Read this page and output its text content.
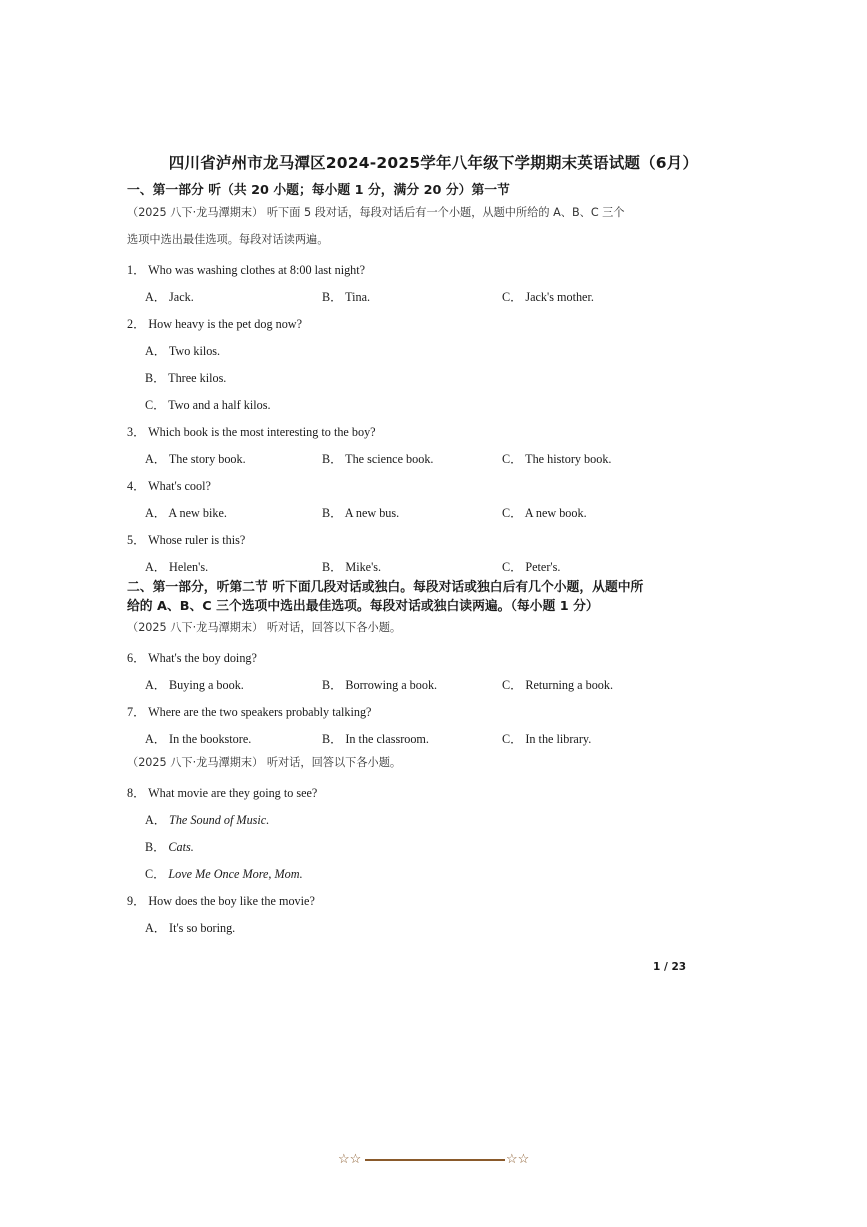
四川省泸州市龙马潭区2024-2025学年八年级下学期期末英语试题（6月）
一、第一部分 听（共 20 小题；每小题 1 分，满分 20 分）第一节
（2025 八下·龙马潭期末） 听下面 5 段对话，每段对话后有一个小题，从题中所给的 A、B、C 三个
选项中选出最佳选项。每段对话读两遍。
1． Who was washing clothes at 8:00 last night?
A． Jack.	B． Tina.	C． Jack's mother.
2． How heavy is the pet dog now?
A． Two kilos.
B． Three kilos.
C． Two and a half kilos.
3． Which book is the most interesting to the boy?
A． The story book.	B． The science book.	C． The history book.
4． What's cool?
A． A new bike.	B． A new bus.	C． A new book.
5． Whose ruler is this?
A． Helen's.	B． Mike's.	C． Peter's.
二、第一部分，听第二节 听下面几段对话或独白。每段对话或独白后有几个小题，从题中所
给的 A、B、C 三个选项中选出最佳选项。每段对话或独白读两遍。（每小题 1 分）
（2025 八下·龙马潭期末） 听对话，回答以下各小题。
6． What's the boy doing?
A． Buying a book.	B． Borrowing a book.	C． Returning a book.
7． Where are the two speakers probably talking?
A． In the bookstore.	B． In the classroom.	C． In the library.
（2025 八下·龙马潭期末） 听对话，回答以下各小题。
8． What movie are they going to see?
A． The Sound of Music.
B． Cats.
C． Love Me Once More, Mom.
9． How does the boy like the movie?
A． It's so boring.
1 / 23
☆☆	☆☆
